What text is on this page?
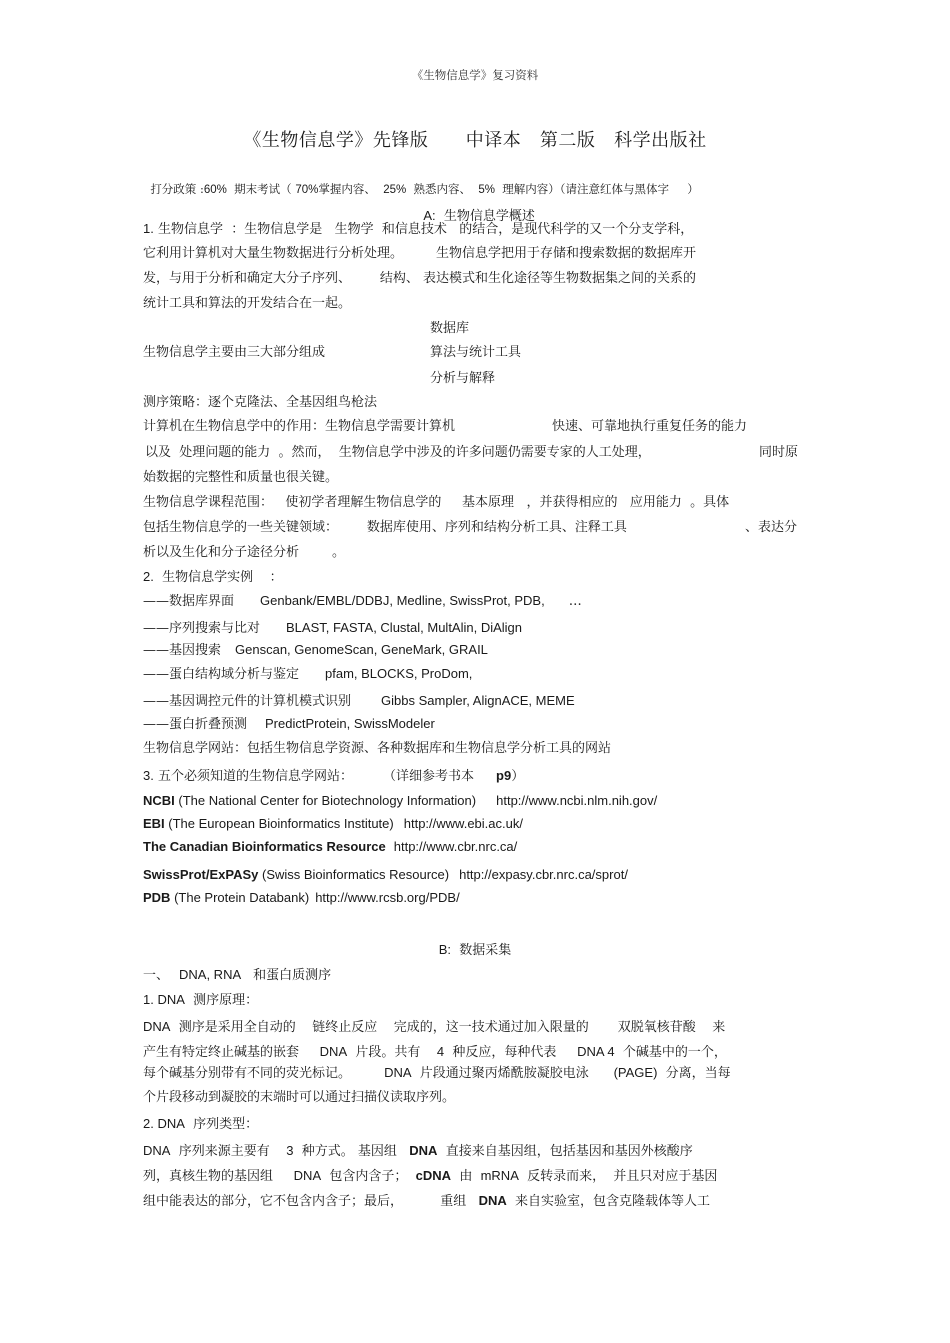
《生物信息学》复习资料
《生物信息学》先锋版      中译本   第二版   科学出版社

打分政策 :60%  期末考试（ 70%掌握内容、  25%  熟悉内容、  5%  理解内容）（请注意红体与黑体字     ）

A: 生物信息学概述

1. 生物信息学  ：生物信息学是   生物学  和信息技术   的结合，是现代科学的又一个分支学科，
它利用计算机对大量生物数据进行分析处理。        生物信息学把用于存储和搜索数据的数据库开
发，与用于分析和确定大分子序列、       结构、 表达模式和生化途径等生物数据集之间的关系的
统计工具和算法的开发结合在一起。
数据库
生物信息学主要由三大部分组成	算法与统计工具
分析与解释
测序策略：逐个克隆法、全基因组鸟枪法
计算机在生物信息学中的作用：生物信息学需要计算机	快速、可靠地执行重复任务的能力
以及  处理问题的能力  。然而，  生物信息学中涉及的许多问题仍需要专家的人工处理，	同时原
始数据的完整性和质量也很关键。
生物信息学课程范围：   使初学者理解生物信息学的     基本原理   ，并获得相应的   应用能力  。具体
包括生物信息学的一些关键领域：       数据库使用、序列和结构分析工具、注释工具	、表达分
析以及生化和分子途径分析        。
2. 生物信息学实例    ：
——数据库界面 Genbank/EMBL/DDBJ, Medline, SwissProt, PDB, …
——序列搜索与比对 BLAST, FASTA, Clustal, MultAlin, DiAlign
——基因搜索 Genscan, GenomeScan, GeneMark, GRAIL
——蛋白结构域分析与鉴定 pfam, BLOCKS, ProDom,
——基因调控元件的计算机模式识别 Gibbs Sampler, AlignACE, MEME
——蛋白折叠预测 PredictProtein, SwissModeler
生物信息学网站：包括生物信息学资源、各种数据库和生物信息学分析工具的网站
3. 五个必须知道的生物信息学网站： （详细参考书本 p9）
NCBI (The National Center for Biotechnology Information) http://www.ncbi.nlm.nih.gov/
EBI (The European Bioinformatics Institute) http://www.ebi.ac.uk/
The Canadian Bioinformatics Resource http://www.cbr.nrc.ca/
SwissProt/ExPASy (Swiss Bioinformatics Resource) http://expasy.cbr.nrc.ca/sprot/
PDB (The Protein Databank) http://www.rcsb.org/PDB/
B: 数据采集
一、 DNA, RNA 和蛋白质测序
1. DNA 测序原理：
DNA  测序是采用全自动的    链终止反应    完成的，这一技术通过加入限量的       双脱氧核苷酸    来
产生有特定终止碱基的嵌套     DNA  片段。共有    4  种反应，每种代表     DNA 4  个碱基中的一个，
每个碱基分别带有不同的荧光标记。        DNA  片段通过聚丙烯酰胺凝胶电泳      (PAGE)  分离，当每
个片段移动到凝胶的末端时可以通过扫描仪读取序列。
2. DNA 序列类型：
DNA  序列来源主要有    3  种方式。 基因组   DNA  直接来自基因组，包括基因和基因外核酸序
列，真核生物的基因组     DNA  包含内含子；  cDNA  由  mRNA  反转录而来，  并且只对应于基因
组中能表达的部分，它不包含内含子；最后，         重组   DNA  来自实验室，包含克隆载体等人工
